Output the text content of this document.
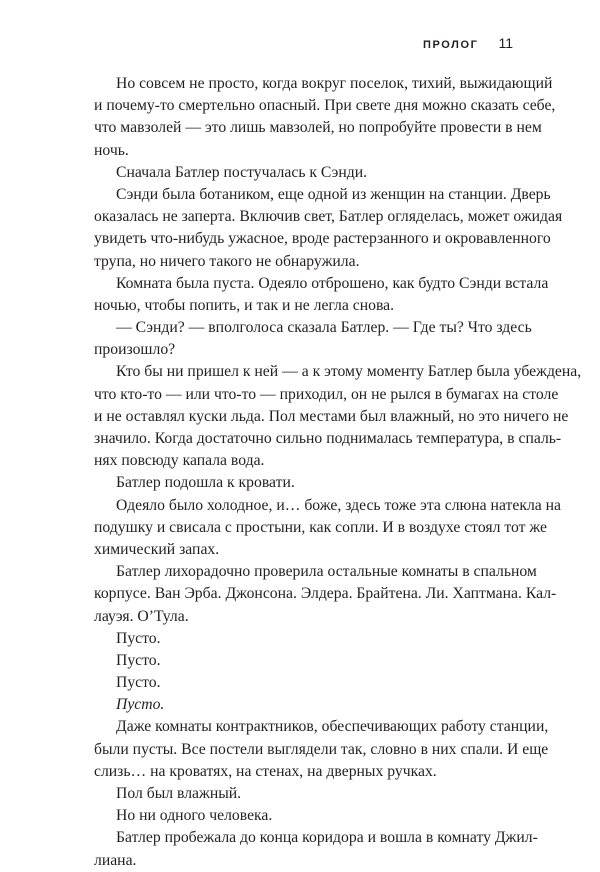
ПРОЛОГ 11
Но совсем не просто, когда вокруг поселок, тихий, выжидающий
и почему-то смертельно опасный. При свете дня можно сказать себе,
что мавзолей — это лишь мавзолей, но попробуйте провести в нем
ночь.
Сначала Батлер постучалась к Сэнди.
Сэнди была ботаником, еще одной из женщин на станции. Дверь
оказалась не заперта. Включив свет, Батлер огляделась, может ожидая
увидеть что-нибудь ужасное, вроде растерзанного и окровавленного
трупа, но ничего такого не обнаружила.
Комната была пуста. Одеяло отброшено, как будто Сэнди встала
ночью, чтобы попить, и так и не легла снова.
— Сэнди? — вполголоса сказала Батлер. — Где ты? Что здесь
произошло?
Кто бы ни пришел к ней — а к этому моменту Батлер была убеждена,
что кто-то — или что-то — приходил, он не рылся в бумагах на столе
и не оставлял куски льда. Пол местами был влажный, но это ничего не
значило. Когда достаточно сильно поднималась температура, в спаль-
нях повсюду капала вода.
Батлер подошла к кровати.
Одеяло было холодное, и… боже, здесь тоже эта слюна натекла на
подушку и свисала с простыни, как сопли. И в воздухе стоял тот же
химический запах.
Батлер лихорадочно проверила остальные комнаты в спальном
корпусе. Ван Эрба. Джонсона. Элдера. Брайтена. Ли. Хаптмана. Кал-
лауэя. О’Тула.
Пусто.
Пусто.
Пусто.
Пусто.
Даже комнаты контрактников, обеспечивающих работу станции,
были пусты. Все постели выглядели так, словно в них спали. И еще
слизь… на кроватях, на стенах, на дверных ручках.
Пол был влажный.
Но ни одного человека.
Батлер пробежала до конца коридора и вошла в комнату Джил-
лиана.
